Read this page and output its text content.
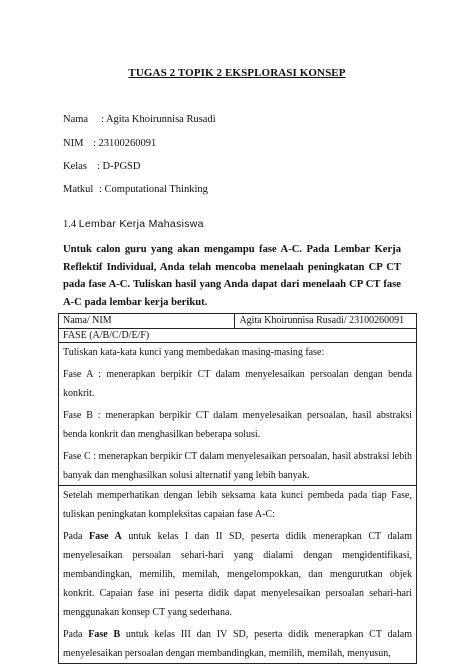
TUGAS 2 TOPIK 2 EKSPLORASI KONSEP
Nama : Agita Khoirunnisa Rusadi
NIM : 23100260091
Kelas : D-PGSD
Matkul : Computational Thinking
1.4 Lembar Kerja Mahasiswa

Untuk calon guru yang akan mengampu fase A-C. Pada Lembar Kerja Reflektif Individual, Anda telah mencoba menelaah peningkatan CP CT pada fase A-C. Tuliskan hasil yang Anda dapat dari menelaah CP CT fase A-C pada lembar kerja berikut.

Nama/ NIM	Agita Khoirunnisa Rusadi/ 23100260091
FASE (A/B/C/D/E/F)

Tuliskan kata-kata kunci yang membedakan masing-masing fase:
Fase A : menerapkan berpikir CT dalam menyelesaikan persoalan dengan benda konkrit.
Fase B : menerapkan berpikir CT dalam menyelesaikan persoalan, hasil abstraksi benda konkrit dan menghasilkan beberapa solusi.
Fase C : menerapkan berpikir CT dalam menyelesaikan persoalan, hasil abstraksi lebih banyak dan menghasilkan solusi alternatif yang lebih banyak.

Setelah memperhatikan dengan lebih seksama kata kunci pembeda pada tiap Fase, tuliskan peningkatan kompleksitas capaian fase A-C:
Pada Fase A untuk kelas I dan II SD, peserta didik menerapkan CT dalam menyelesaikan persoalan sehari-hari yang dialami dengan mengidentifikasi, membandingkan, memilih, memilah, mengelompokkan, dan mengurutkan objek konkrit. Capaian fase ini peserta didik dapat menyelesaikan persoalan sehari-hari menggunakan konsep CT yang sederhana.
Pada Fase B untuk kelas III dan IV SD, peserta didik menerapkan CT dalam menyelesaikan persoalan dengan membandingkan, memilih, memilah, menyusun,
